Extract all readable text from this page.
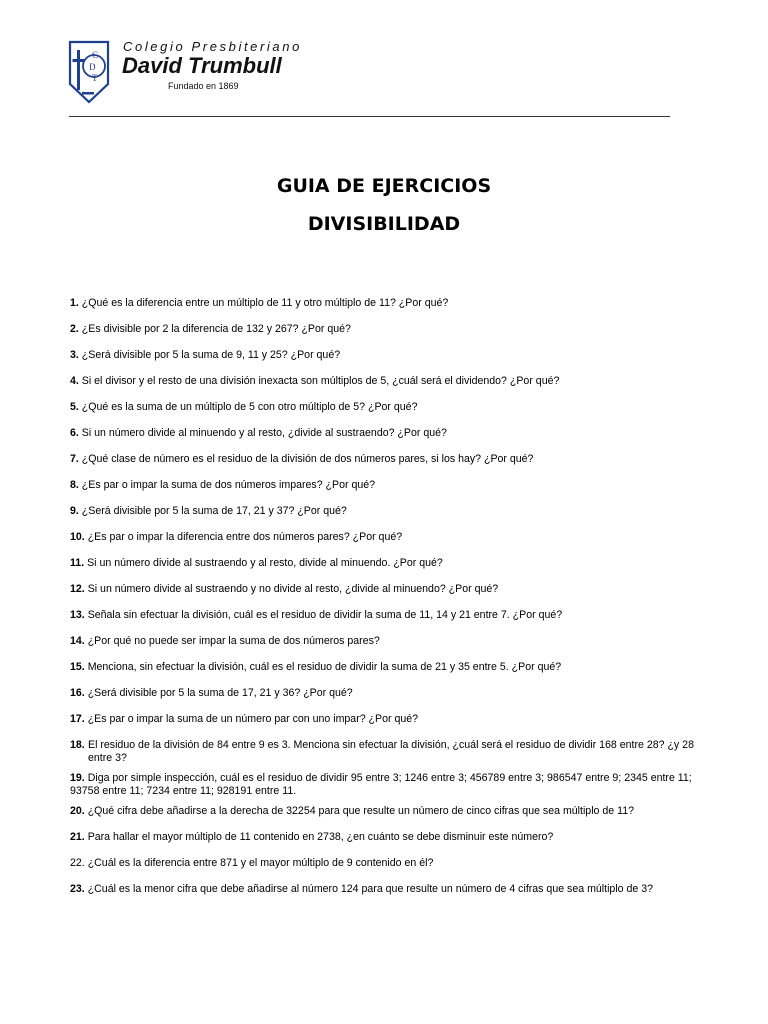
C
D
T
Colegio Presbiteriano
David Trumbull
Fundado en 1869
GUIA DE EJERCICIOS
DIVISIBILIDAD
1. ¿Qué es la diferencia entre un múltiplo de 11 y otro múltiplo de 11? ¿Por qué?
2. ¿Es divisible por 2 la diferencia de 132 y 267? ¿Por qué?
3. ¿Será divisible por 5 la suma de 9, 11 y 25? ¿Por qué?
4. Si el divisor y el resto de una división inexacta son múltiplos de 5, ¿cuál será el dividendo? ¿Por qué?
5. ¿Qué es la suma de un múltiplo de 5 con otro múltiplo de 5? ¿Por qué?
6. Si un número divide al minuendo y al resto, ¿divide al sustraendo? ¿Por qué?
7. ¿Qué clase de número es el residuo de la división de dos números pares, si los hay? ¿Por qué?
8. ¿Es par o impar la suma de dos números impares? ¿Por qué?
9. ¿Será divisible por 5 la suma de 17, 21 y 37? ¿Por qué?
10. ¿Es par o impar la diferencia entre dos números pares? ¿Por qué?
11. Si un número divide al sustraendo y al resto, divide al minuendo. ¿Por qué?
12. Si un número divide al sustraendo y no divide al resto, ¿divide al minuendo? ¿Por qué?
13. Señala sin efectuar la división, cuál es el residuo de dividir la suma de 11, 14 y 21 entre 7. ¿Por qué?
14. ¿Por qué no puede ser impar la suma de dos números pares?
15. Menciona, sin efectuar la división, cuál es el residuo de dividir la suma de 21 y 35 entre 5. ¿Por qué?
16. ¿Será divisible por 5 la suma de 17, 21 y 36? ¿Por qué?
17. ¿Es par o impar la suma de un número par con uno impar? ¿Por qué?
18. El residuo de la división de 84 entre 9 es 3. Menciona sin efectuar la división, ¿cuál será el residuo de dividir 168 entre 28? ¿y 28 entre 3?
19. Diga por simple inspección, cuál es el residuo de dividir 95 entre 3; 1246 entre 3; 456789 entre 3; 986547 entre 9; 2345 entre 11; 93758 entre 11; 7234 entre 11; 928191 entre 11.
20. ¿Qué cifra debe añadirse a la derecha de 32254 para que resulte un número de cinco cifras que sea múltiplo de 11?
21. Para hallar el mayor múltiplo de 11 contenido en 2738, ¿en cuánto se debe disminuir este número?
22. ¿Cuál es la diferencia entre 871 y el mayor múltiplo de 9 contenido en él?
23. ¿Cuál es la menor cifra que debe añadirse al número 124 para que resulte un número de 4 cifras que sea múltiplo de 3?
